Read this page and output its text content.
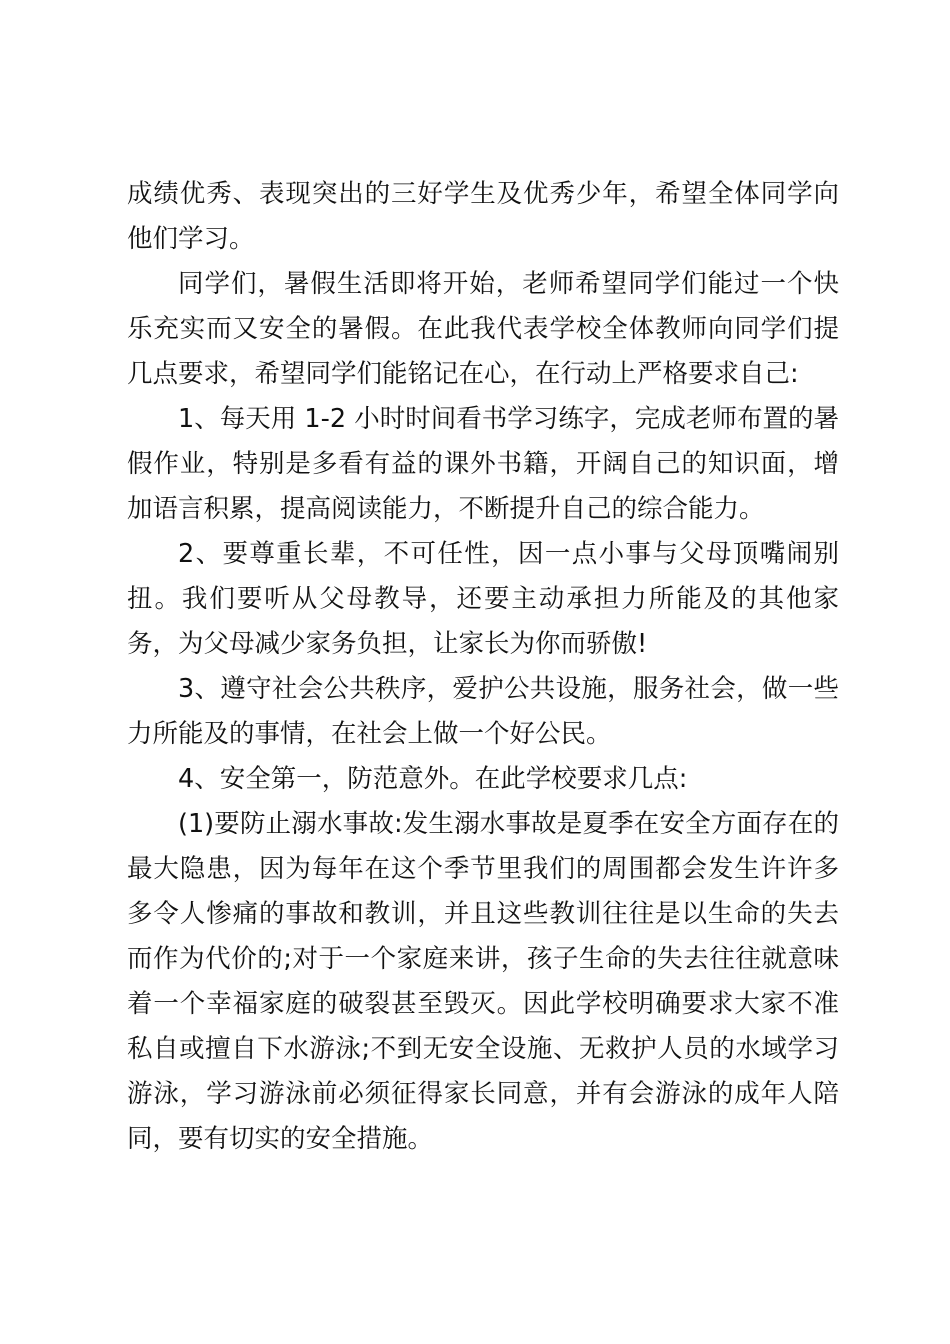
成绩优秀、表现突出的三好学生及优秀少年，希望全体同学向他们学习。

同学们，暑假生活即将开始，老师希望同学们能过一个快乐充实而又安全的暑假。在此我代表学校全体教师向同学们提几点要求，希望同学们能铭记在心，在行动上严格要求自己:

1、每天用 1-2 小时时间看书学习练字，完成老师布置的暑假作业，特别是多看有益的课外书籍，开阔自己的知识面，增加语言积累，提高阅读能力，不断提升自己的综合能力。

2、要尊重长辈，不可任性，因一点小事与父母顶嘴闹别扭。我们要听从父母教导，还要主动承担力所能及的其他家务，为父母减少家务负担，让家长为你而骄傲!

3、遵守社会公共秩序，爱护公共设施，服务社会，做一些力所能及的事情，在社会上做一个好公民。

4、安全第一，防范意外。在此学校要求几点:

(1)要防止溺水事故:发生溺水事故是夏季在安全方面存在的最大隐患，因为每年在这个季节里我们的周围都会发生许许多多令人惨痛的事故和教训，并且这些教训往往是以生命的失去而作为代价的;对于一个家庭来讲，孩子生命的失去往往就意味着一个幸福家庭的破裂甚至毁灭。因此学校明确要求大家不准私自或擅自下水游泳;不到无安全设施、无救护人员的水域学习游泳，学习游泳前必须征得家长同意，并有会游泳的成年人陪同，要有切实的安全措施。
